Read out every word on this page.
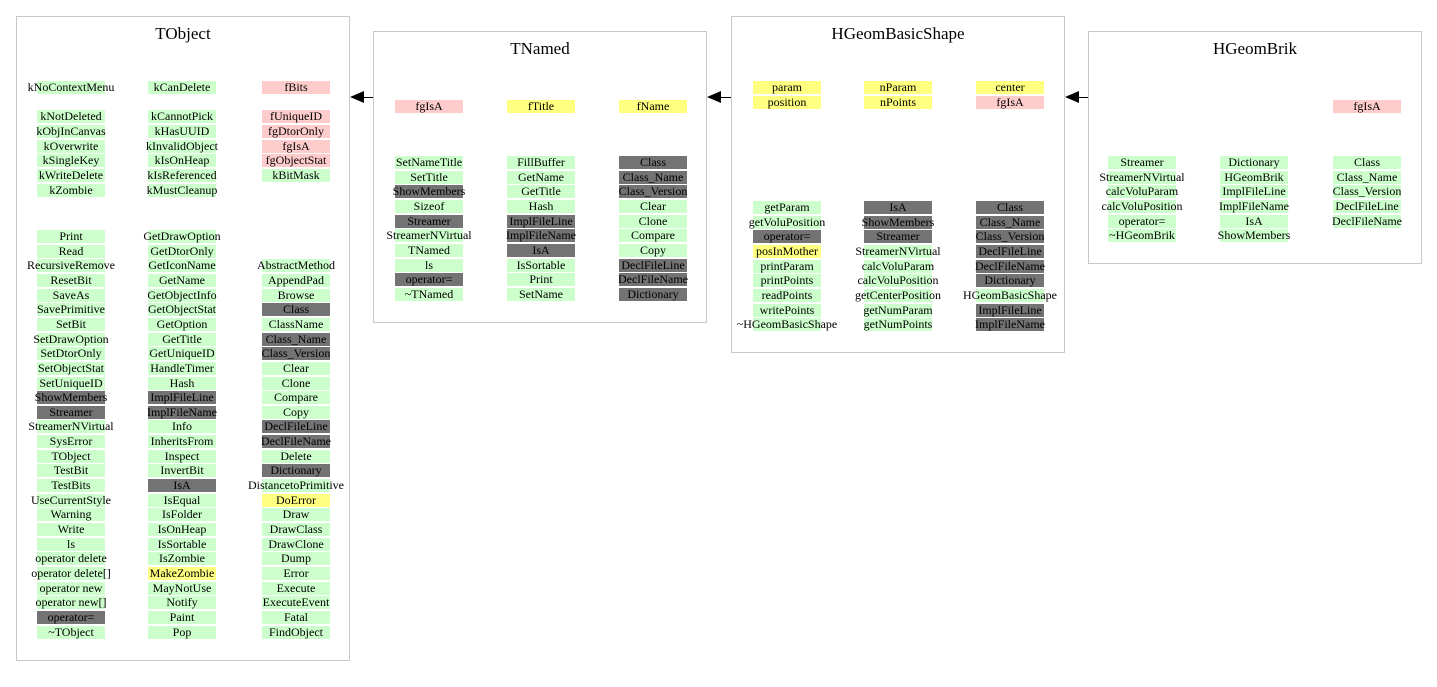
TObject
kNoContextMenu
kNotDeleted
kObjInCanvas
kOverwrite
kSingleKey
kWriteDelete
kZombie
Print
Read
RecursiveRemove
ResetBit
SaveAs
SavePrimitive
SetBit
SetDrawOption
SetDtorOnly
SetObjectStat
SetUniqueID
ShowMembers
Streamer
StreamerNVirtual
SysError
TObject
TestBit
TestBits
UseCurrentStyle
Warning
Write
ls
operator delete
operator delete[]
operator new
operator new[]
operator=
~TObject
kCanDelete
kCannotPick
kHasUUID
kInvalidObject
kIsOnHeap
kIsReferenced
kMustCleanup
GetDrawOption
GetDtorOnly
GetIconName
GetName
GetObjectInfo
GetObjectStat
GetOption
GetTitle
GetUniqueID
HandleTimer
Hash
ImplFileLine
ImplFileName
Info
InheritsFrom
Inspect
InvertBit
IsA
IsEqual
IsFolder
IsOnHeap
IsSortable
IsZombie
MakeZombie
MayNotUse
Notify
Paint
Pop
fBits
fUniqueID
fgDtorOnly
fgIsA
fgObjectStat
kBitMask
AbstractMethod
AppendPad
Browse
Class
ClassName
Class_Name
Class_Version
Clear
Clone
Compare
Copy
DeclFileLine
DeclFileName
Delete
Dictionary
DistancetoPrimitive
DoError
Draw
DrawClass
DrawClone
Dump
Error
Execute
ExecuteEvent
Fatal
FindObject
TNamed
fgIsA
SetNameTitle
SetTitle
ShowMembers
Sizeof
Streamer
StreamerNVirtual
TNamed
ls
operator=
~TNamed
fTitle
FillBuffer
GetName
GetTitle
Hash
ImplFileLine
ImplFileName
IsA
IsSortable
Print
SetName
fName
Class
Class_Name
Class_Version
Clear
Clone
Compare
Copy
DeclFileLine
DeclFileName
Dictionary
HGeomBasicShape
param
position
getParam
getVoluPosition
operator=
posInMother
printParam
printPoints
readPoints
writePoints
~HGeomBasicShape
nParam
nPoints
IsA
ShowMembers
Streamer
StreamerNVirtual
calcVoluParam
calcVoluPosition
getCenterPosition
getNumParam
getNumPoints
center
fgIsA
Class
Class_Name
Class_Version
DeclFileLine
DeclFileName
Dictionary
HGeomBasicShape
ImplFileLine
ImplFileName
HGeomBrik
Streamer
StreamerNVirtual
calcVoluParam
calcVoluPosition
operator=
~HGeomBrik
Dictionary
HGeomBrik
ImplFileLine
ImplFileName
IsA
ShowMembers
fgIsA
Class
Class_Name
Class_Version
DeclFileLine
DeclFileName
